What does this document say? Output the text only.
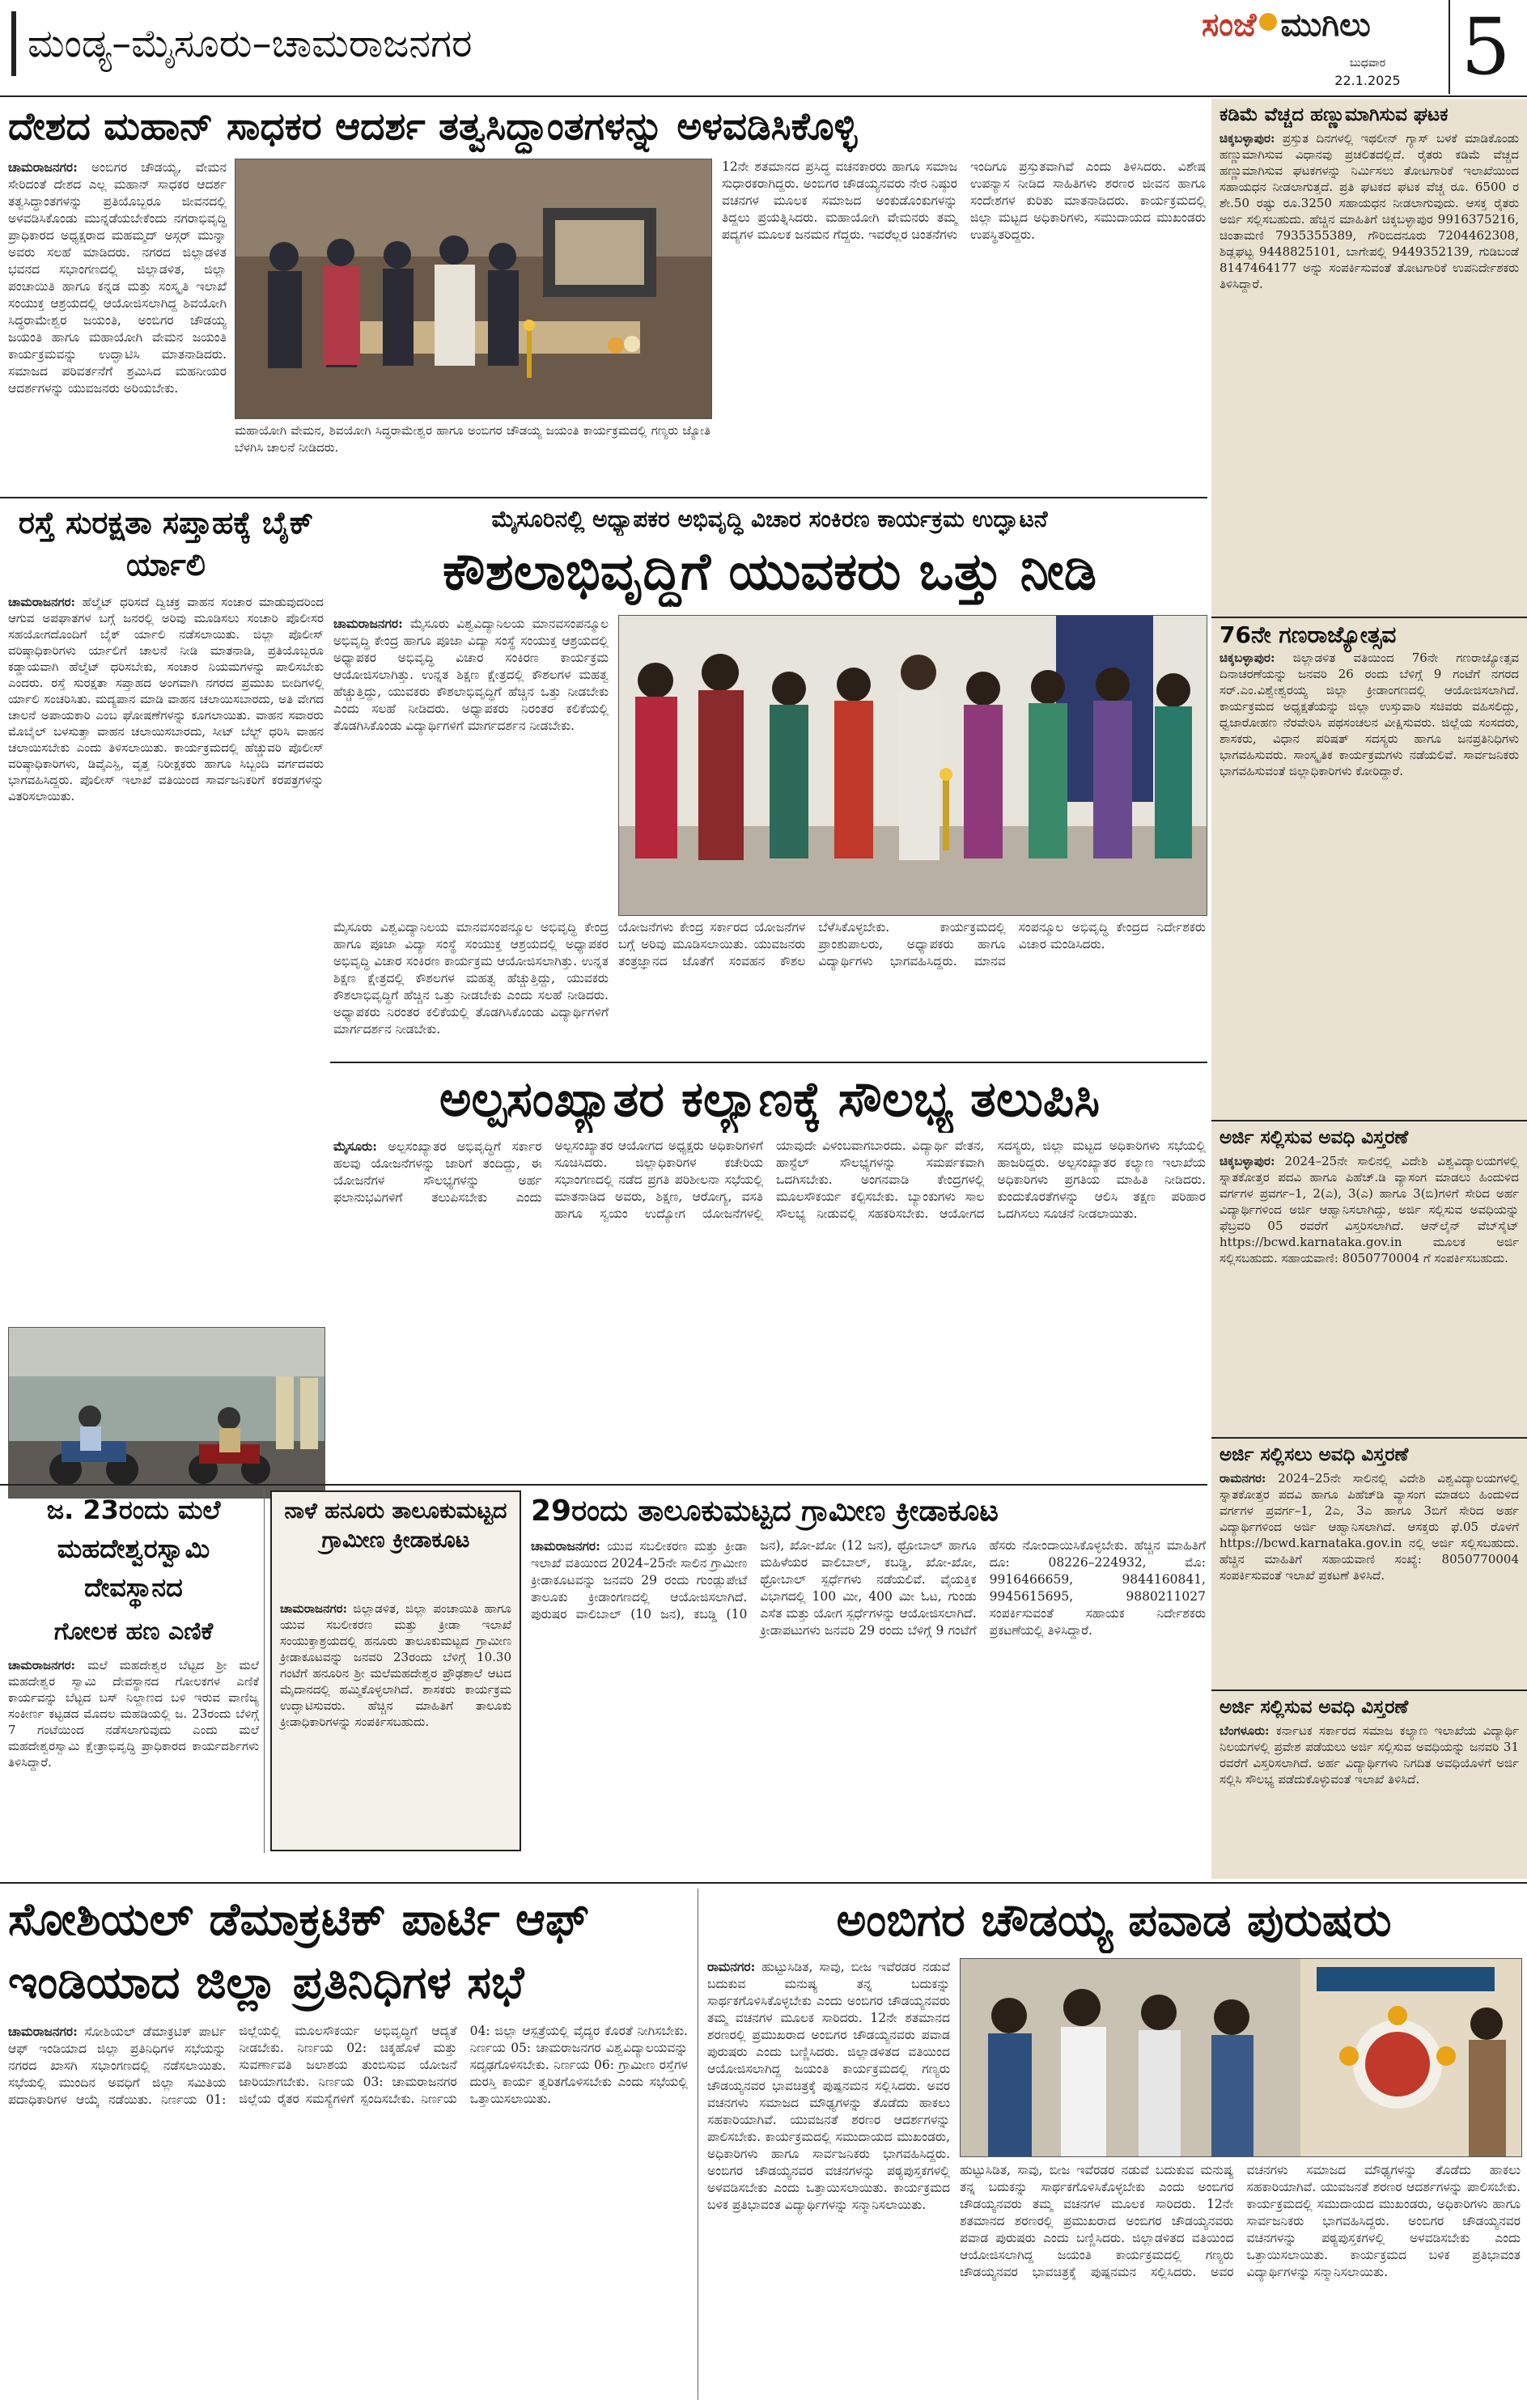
ಮಂಡ್ಯ–ಮೈಸೂರು–ಚಾಮರಾಜನಗರ	ಸಂಜೆ ಮುಗಿಲು
ಬುಧವಾರ
22.1.2025 5
ಕಡಿಮೆ ವೆಚ್ಚದ ಹಣ್ಣುಮಾಗಿಸುವ ಘಟಕ
ಚಿಕ್ಕಬಳ್ಳಾಪುರ: ಪ್ರಸ್ತುತ ದಿನಗಳಲ್ಲಿ ಇಥಲೀನ್ ಗ್ಯಾಸ್ ಬಳಕೆ ಮಾಡಿಕೊಂಡು ಹಣ್ಣುಮಾಗಿಸುವ ವಿಧಾನವು ಪ್ರಚಲಿತದಲ್ಲಿದೆ. ರೈತರು ಕಡಿಮೆ ವೆಚ್ಚದ ಹಣ್ಣುಮಾಗಿಸುವ ಘಟಕಗಳನ್ನು ನಿರ್ಮಿಸಲು ತೋಟಗಾರಿಕೆ ಇಲಾಖೆಯಿಂದ ಸಹಾಯಧನ ನೀಡಲಾಗುತ್ತದೆ. ಪ್ರತಿ ಘಟಕದ ಘಟಕ ವೆಚ್ಚ ರೂ. 6500 ರ ಶೇ.50 ರಷ್ಟು ರೂ.3250 ಸಹಾಯಧನ ನೀಡಲಾಗುವುದು. ಆಸಕ್ತ ರೈತರು ಅರ್ಜಿ ಸಲ್ಲಿಸಬಹುದು. ಹೆಚ್ಚಿನ ಮಾಹಿತಿಗೆ ಚಿಕ್ಕಬಳ್ಳಾಪುರ 9916375216, ಚಿಂತಾಮಣಿ 7935355389, ಗೌರಿಬಿದನೂರು 7204462308, ಶಿಡ್ಲಘಟ್ಟ 9448825101, ಬಾಗೇಪಲ್ಲಿ 9449352139, ಗುಡಿಬಂಡೆ 8147464177 ಅನ್ನು ಸಂಪರ್ಕಿಸುವಂತೆ ತೋಟಗಾರಿಕೆ ಉಪನಿರ್ದೇಶಕರು ತಿಳಿಸಿದ್ದಾರೆ.
76ನೇ ಗಣರಾಜ್ಯೋತ್ಸವ
ಚಿಕ್ಕಬಳ್ಳಾಪುರ: ಜಿಲ್ಲಾಡಳಿತ ವತಿಯಿಂದ 76ನೇ ಗಣರಾಜ್ಯೋತ್ಸವ ದಿನಾಚರಣೆಯನ್ನು ಜನವರಿ 26 ರಂದು ಬೆಳಿಗ್ಗೆ 9 ಗಂಟೆಗೆ ನಗರದ ಸರ್.ಎಂ.ವಿಶ್ವೇಶ್ವರಯ್ಯ ಜಿಲ್ಲಾ ಕ್ರೀಡಾಂಗಣದಲ್ಲಿ ಆಯೋಜಿಸಲಾಗಿದೆ. ಕಾರ್ಯಕ್ರಮದ ಅಧ್ಯಕ್ಷತೆಯನ್ನು ಜಿಲ್ಲಾ ಉಸ್ತುವಾರಿ ಸಚಿವರು ವಹಿಸಲಿದ್ದು, ಧ್ವಜಾರೋಹಣ ನೆರವೇರಿಸಿ ಪಥಸಂಚಲನ ವೀಕ್ಷಿಸುವರು. ಜಿಲ್ಲೆಯ ಸಂಸದರು, ಶಾಸಕರು, ವಿಧಾನ ಪರಿಷತ್ ಸದಸ್ಯರು ಹಾಗೂ ಜನಪ್ರತಿನಿಧಿಗಳು ಭಾಗವಹಿಸುವರು. ಸಾಂಸ್ಕೃತಿಕ ಕಾರ್ಯಕ್ರಮಗಳು ನಡೆಯಲಿವೆ. ಸಾರ್ವಜನಿಕರು ಭಾಗವಹಿಸುವಂತೆ ಜಿಲ್ಲಾಧಿಕಾರಿಗಳು ಕೋರಿದ್ದಾರೆ.
ಅರ್ಜಿ ಸಲ್ಲಿಸುವ ಅವಧಿ ವಿಸ್ತರಣೆ
ಚಿಕ್ಕಬಳ್ಳಾಪುರ: 2024–25ನೇ ಸಾಲಿನಲ್ಲಿ ವಿದೇಶಿ ವಿಶ್ವವಿದ್ಯಾಲಯಗಳಲ್ಲಿ ಸ್ನಾತಕೋತ್ತರ ಪದವಿ ಹಾಗೂ ಪಿಹೆಚ್.ಡಿ ವ್ಯಾಸಂಗ ಮಾಡಲು ಹಿಂದುಳಿದ ವರ್ಗಗಳ ಪ್ರವರ್ಗ–1, 2(ಎ), 3(ಎ) ಹಾಗೂ 3(ಬಿ)ಗಳಿಗೆ ಸೇರಿದ ಅರ್ಹ ವಿದ್ಯಾರ್ಥಿಗಳಿಂದ ಅರ್ಜಿ ಆಹ್ವಾನಿಸಲಾಗಿದ್ದು, ಅರ್ಜಿ ಸಲ್ಲಿಸುವ ಅವಧಿಯನ್ನು ಫೆಬ್ರವರಿ 05 ರವರೆಗೆ ವಿಸ್ತರಿಸಲಾಗಿದೆ. ಆನ್‌ಲೈನ್ ವೆಬ್‌ಸೈಟ್ https://bcwd.karnataka.gov.in ಮೂಲಕ ಅರ್ಜಿ ಸಲ್ಲಿಸಬಹುದು. ಸಹಾಯವಾಣಿ: 8050770004 ಗೆ ಸಂಪರ್ಕಿಸಬಹುದು.
ಅರ್ಜಿ ಸಲ್ಲಿಸಲು ಅವಧಿ ವಿಸ್ತರಣೆ
ರಾಮನಗರ: 2024–25ನೇ ಸಾಲಿನಲ್ಲಿ ವಿದೇಶಿ ವಿಶ್ವವಿದ್ಯಾಲಯಗಳಲ್ಲಿ ಸ್ನಾತಕೋತ್ತರ ಪದವಿ ಹಾಗೂ ಪಿಹೆಚ್‌ಡಿ ವ್ಯಾಸಂಗ ಮಾಡಲು ಹಿಂದುಳಿದ ವರ್ಗಗಳ ಪ್ರವರ್ಗ–1, 2ಎ, 3ಎ ಹಾಗೂ 3ಬಿಗೆ ಸೇರಿದ ಅರ್ಹ ವಿದ್ಯಾರ್ಥಿಗಳಿಂದ ಅರ್ಜಿ ಆಹ್ವಾನಿಸಲಾಗಿದೆ. ಆಸಕ್ತರು ಫೆ.05 ರೊಳಗೆ https://bcwd.karnataka.gov.in ನಲ್ಲಿ ಅರ್ಜಿ ಸಲ್ಲಿಸಬಹುದು. ಹೆಚ್ಚಿನ ಮಾಹಿತಿಗೆ ಸಹಾಯವಾಣಿ ಸಂಖ್ಯೆ: 8050770004 ಸಂಪರ್ಕಿಸುವಂತೆ ಇಲಾಖೆ ಪ್ರಕಟಣೆ ತಿಳಿಸಿದೆ.
ಅರ್ಜಿ ಸಲ್ಲಿಸುವ ಅವಧಿ ವಿಸ್ತರಣೆ
ಬೆಂಗಳೂರು: ಕರ್ನಾಟಕ ಸರ್ಕಾರದ ಸಮಾಜ ಕಲ್ಯಾಣ ಇಲಾಖೆಯ ವಿದ್ಯಾರ್ಥಿ ನಿಲಯಗಳಲ್ಲಿ ಪ್ರವೇಶ ಪಡೆಯಲು ಅರ್ಜಿ ಸಲ್ಲಿಸುವ ಅವಧಿಯನ್ನು ಜನವರಿ 31 ರವರೆಗೆ ವಿಸ್ತರಿಸಲಾಗಿದೆ. ಅರ್ಹ ವಿದ್ಯಾರ್ಥಿಗಳು ನಿಗದಿತ ಅವಧಿಯೊಳಗೆ ಅರ್ಜಿ ಸಲ್ಲಿಸಿ ಸೌಲಭ್ಯ ಪಡೆದುಕೊಳ್ಳುವಂತೆ ಇಲಾಖೆ ತಿಳಿಸಿದೆ.
ದೇಶದ ಮಹಾನ್ ಸಾಧಕರ ಆದರ್ಶ ತತ್ವಸಿದ್ಧಾಂತಗಳನ್ನು ಅಳವಡಿಸಿಕೊಳ್ಳಿ
ಚಾಮರಾಜನಗರ: ಅಂಬಿಗರ ಚೌಡಯ್ಯ, ವೇಮನ ಸೇರಿದಂತೆ ದೇಶದ ಎಲ್ಲ ಮಹಾನ್ ಸಾಧಕರ ಆದರ್ಶ ತತ್ವಸಿದ್ಧಾಂತಗಳನ್ನು ಪ್ರತಿಯೊಬ್ಬರೂ ಜೀವನದಲ್ಲಿ ಅಳವಡಿಸಿಕೊಂಡು ಮುನ್ನಡೆಯಬೇಕೆಂದು ನಗರಾಭಿವೃದ್ಧಿ ಪ್ರಾಧಿಕಾರದ ಅಧ್ಯಕ್ಷರಾದ ಮಹಮ್ಮದ್ ಅಸ್ಗರ್ ಮುನ್ನಾ ಅವರು ಸಲಹೆ ಮಾಡಿದರು. ನಗರದ ಜಿಲ್ಲಾಡಳಿತ ಭವನದ ಸಭಾಂಗಣದಲ್ಲಿ ಜಿಲ್ಲಾಡಳಿತ, ಜಿಲ್ಲಾ ಪಂಚಾಯಿತಿ ಹಾಗೂ ಕನ್ನಡ ಮತ್ತು ಸಂಸ್ಕೃತಿ ಇಲಾಖೆ ಸಂಯುಕ್ತ ಆಶ್ರಯದಲ್ಲಿ ಆಯೋಜಿಸಲಾಗಿದ್ದ ಶಿವಯೋಗಿ ಸಿದ್ಧರಾಮೇಶ್ವರ ಜಯಂತಿ, ಅಂಬಿಗರ ಚೌಡಯ್ಯ ಜಯಂತಿ ಹಾಗೂ ಮಹಾಯೋಗಿ ವೇಮನ ಜಯಂತಿ ಕಾರ್ಯಕ್ರಮವನ್ನು ಉದ್ಘಾಟಿಸಿ ಮಾತನಾಡಿದರು. ಸಮಾಜದ ಪರಿವರ್ತನೆಗೆ ಶ್ರಮಿಸಿದ ಮಹನೀಯರ ಆದರ್ಶಗಳನ್ನು ಯುವಜನರು ಅರಿಯಬೇಕು.
ಮಹಾಯೋಗಿ ವೇಮನ, ಶಿವಯೋಗಿ ಸಿದ್ಧರಾಮೇಶ್ವರ ಹಾಗೂ ಅಂಬಿಗರ ಚೌಡಯ್ಯ ಜಯಂತಿ ಕಾರ್ಯಕ್ರಮದಲ್ಲಿ ಗಣ್ಯರು ಜ್ಯೋತಿ ಬೆಳಗಿಸಿ ಚಾಲನೆ ನೀಡಿದರು.
12ನೇ ಶತಮಾನದ ಪ್ರಸಿದ್ಧ ವಚನಕಾರರು ಹಾಗೂ ಸಮಾಜ ಸುಧಾರಕರಾಗಿದ್ದರು. ಅಂಬಿಗರ ಚೌಡಯ್ಯನವರು ನೇರ ನಿಷ್ಠುರ ವಚನಗಳ ಮೂಲಕ ಸಮಾಜದ ಅಂಕುಡೊಂಕುಗಳನ್ನು ತಿದ್ದಲು ಪ್ರಯತ್ನಿಸಿದರು. ಮಹಾಯೋಗಿ ವೇಮನರು ತಮ್ಮ ಪದ್ಯಗಳ ಮೂಲಕ ಜನಮನ ಗೆದ್ದರು. ಇವರೆಲ್ಲರ ಚಿಂತನೆಗಳು ಇಂದಿಗೂ ಪ್ರಸ್ತುತವಾಗಿವೆ ಎಂದು ತಿಳಿಸಿದರು. ವಿಶೇಷ ಉಪನ್ಯಾಸ ನೀಡಿದ ಸಾಹಿತಿಗಳು ಶರಣರ ಜೀವನ ಹಾಗೂ ಸಂದೇಶಗಳ ಕುರಿತು ಮಾತನಾಡಿದರು. ಕಾರ್ಯಕ್ರಮದಲ್ಲಿ ಜಿಲ್ಲಾ ಮಟ್ಟದ ಅಧಿಕಾರಿಗಳು, ಸಮುದಾಯದ ಮುಖಂಡರು ಉಪಸ್ಥಿತರಿದ್ದರು.
ರಸ್ತೆ ಸುರಕ್ಷತಾ ಸಪ್ತಾಹಕ್ಕೆ ಬೈಕ್ ರ್ಯಾಲಿ
ಚಾಮರಾಜನಗರ: ಹೆಲ್ಮೆಟ್ ಧರಿಸದೆ ದ್ವಿಚಕ್ರ ವಾಹನ ಸಂಚಾರ ಮಾಡುವುದರಿಂದ ಆಗುವ ಅಪಘಾತಗಳ ಬಗ್ಗೆ ಜನರಲ್ಲಿ ಅರಿವು ಮೂಡಿಸಲು ಸಂಚಾರಿ ಪೊಲೀಸರ ಸಹಯೋಗದೊಂದಿಗೆ ಬೈಕ್ ರ್ಯಾಲಿ ನಡೆಸಲಾಯಿತು. ಜಿಲ್ಲಾ ಪೊಲೀಸ್ ವರಿಷ್ಠಾಧಿಕಾರಿಗಳು ರ್ಯಾಲಿಗೆ ಚಾಲನೆ ನೀಡಿ ಮಾತನಾಡಿ, ಪ್ರತಿಯೊಬ್ಬರೂ ಕಡ್ಡಾಯವಾಗಿ ಹೆಲ್ಮೆಟ್ ಧರಿಸಬೇಕು, ಸಂಚಾರ ನಿಯಮಗಳನ್ನು ಪಾಲಿಸಬೇಕು ಎಂದರು. ರಸ್ತೆ ಸುರಕ್ಷತಾ ಸಪ್ತಾಹದ ಅಂಗವಾಗಿ ನಗರದ ಪ್ರಮುಖ ಬೀದಿಗಳಲ್ಲಿ ರ್ಯಾಲಿ ಸಂಚರಿಸಿತು. ಮದ್ಯಪಾನ ಮಾಡಿ ವಾಹನ ಚಲಾಯಿಸಬಾರದು, ಅತಿ ವೇಗದ ಚಾಲನೆ ಅಪಾಯಕಾರಿ ಎಂಬ ಘೋಷಣೆಗಳನ್ನು ಕೂಗಲಾಯಿತು. ವಾಹನ ಸವಾರರು ಮೊಬೈಲ್ ಬಳಸುತ್ತಾ ವಾಹನ ಚಲಾಯಿಸಬಾರದು, ಸೀಟ್ ಬೆಲ್ಟ್ ಧರಿಸಿ ವಾಹನ ಚಲಾಯಿಸಬೇಕು ಎಂದು ತಿಳಿಸಲಾಯಿತು. ಕಾರ್ಯಕ್ರಮದಲ್ಲಿ ಹೆಚ್ಚುವರಿ ಪೊಲೀಸ್ ವರಿಷ್ಠಾಧಿಕಾರಿಗಳು, ಡಿವೈಎಸ್ಪಿ, ವೃತ್ತ ನಿರೀಕ್ಷಕರು ಹಾಗೂ ಸಿಬ್ಬಂದಿ ವರ್ಗದವರು ಭಾಗವಹಿಸಿದ್ದರು. ಪೊಲೀಸ್ ಇಲಾಖೆ ವತಿಯಿಂದ ಸಾರ್ವಜನಿಕರಿಗೆ ಕರಪತ್ರಗಳನ್ನು ವಿತರಿಸಲಾಯಿತು.
ಮೈಸೂರಿನಲ್ಲಿ ಅಧ್ಯಾಪಕರ ಅಭಿವೃದ್ಧಿ ವಿಚಾರ ಸಂಕಿರಣ ಕಾರ್ಯಕ್ರಮ ಉದ್ಘಾಟನೆ
ಕೌಶಲಾಭಿವೃದ್ಧಿಗೆ ಯುವಕರು ಒತ್ತು ನೀಡಿ
ಚಾಮರಾಜನಗರ: ಮೈಸೂರು ವಿಶ್ವವಿದ್ಯಾನಿಲಯ ಮಾನವಸಂಪನ್ಮೂಲ ಅಭಿವೃದ್ಧಿ ಕೇಂದ್ರ ಹಾಗೂ ಪೂಜಾ ವಿದ್ಯಾ ಸಂಸ್ಥೆ ಸಂಯುಕ್ತ ಆಶ್ರಯದಲ್ಲಿ ಅಧ್ಯಾಪಕರ ಅಭಿವೃದ್ಧಿ ವಿಚಾರ ಸಂಕಿರಣ ಕಾರ್ಯಕ್ರಮ ಆಯೋಜಿಸಲಾಗಿತ್ತು. ಉನ್ನತ ಶಿಕ್ಷಣ ಕ್ಷೇತ್ರದಲ್ಲಿ ಕೌಶಲಗಳ ಮಹತ್ವ ಹೆಚ್ಚುತ್ತಿದ್ದು, ಯುವಕರು ಕೌಶಲಾಭಿವೃದ್ಧಿಗೆ ಹೆಚ್ಚಿನ ಒತ್ತು ನೀಡಬೇಕು ಎಂದು ಸಲಹೆ ನೀಡಿದರು. ಅಧ್ಯಾಪಕರು ನಿರಂತರ ಕಲಿಕೆಯಲ್ಲಿ ತೊಡಗಿಸಿಕೊಂಡು ವಿದ್ಯಾರ್ಥಿಗಳಿಗೆ ಮಾರ್ಗದರ್ಶನ ನೀಡಬೇಕು.
ಯೋಜನೆಗಳು ಕೇಂದ್ರ ಸರ್ಕಾರದ ಯೋಜನೆಗಳ ಬಗ್ಗೆ ಅರಿವು ಮೂಡಿಸಲಾಯಿತು. ಯುವಜನರು ತಂತ್ರಜ್ಞಾನದ ಜೊತೆಗೆ ಸಂವಹನ ಕೌಶಲ ಬೆಳೆಸಿಕೊಳ್ಳಬೇಕು. ಕಾರ್ಯಕ್ರಮದಲ್ಲಿ ಪ್ರಾಂಶುಪಾಲರು, ಅಧ್ಯಾಪಕರು ಹಾಗೂ ವಿದ್ಯಾರ್ಥಿಗಳು ಭಾಗವಹಿಸಿದ್ದರು. ಮಾನವ ಸಂಪನ್ಮೂಲ ಅಭಿವೃದ್ಧಿ ಕೇಂದ್ರದ ನಿರ್ದೇಶಕರು ವಿಚಾರ ಮಂಡಿಸಿದರು.
ಮೈಸೂರು ವಿಶ್ವವಿದ್ಯಾನಿಲಯ ಮಾನವಸಂಪನ್ಮೂಲ ಅಭಿವೃದ್ಧಿ ಕೇಂದ್ರ ಹಾಗೂ ಪೂಜಾ ವಿದ್ಯಾ ಸಂಸ್ಥೆ ಸಂಯುಕ್ತ ಆಶ್ರಯದಲ್ಲಿ ಅಧ್ಯಾಪಕರ ಅಭಿವೃದ್ಧಿ ವಿಚಾರ ಸಂಕಿರಣ ಕಾರ್ಯಕ್ರಮ ಆಯೋಜಿಸಲಾಗಿತ್ತು. ಉನ್ನತ ಶಿಕ್ಷಣ ಕ್ಷೇತ್ರದಲ್ಲಿ ಕೌಶಲಗಳ ಮಹತ್ವ ಹೆಚ್ಚುತ್ತಿದ್ದು, ಯುವಕರು ಕೌಶಲಾಭಿವೃದ್ಧಿಗೆ ಹೆಚ್ಚಿನ ಒತ್ತು ನೀಡಬೇಕು ಎಂದು ಸಲಹೆ ನೀಡಿದರು. ಅಧ್ಯಾಪಕರು ನಿರಂತರ ಕಲಿಕೆಯಲ್ಲಿ ತೊಡಗಿಸಿಕೊಂಡು ವಿದ್ಯಾರ್ಥಿಗಳಿಗೆ ಮಾರ್ಗದರ್ಶನ ನೀಡಬೇಕು.
ಅಲ್ಪಸಂಖ್ಯಾತರ ಕಲ್ಯಾಣಕ್ಕೆ ಸೌಲಭ್ಯ ತಲುಪಿಸಿ
ಮೈಸೂರು: ಅಲ್ಪಸಂಖ್ಯಾತರ ಅಭಿವೃದ್ಧಿಗೆ ಸರ್ಕಾರ ಹಲವು ಯೋಜನೆಗಳನ್ನು ಜಾರಿಗೆ ತಂದಿದ್ದು, ಈ ಯೋಜನೆಗಳ ಸೌಲಭ್ಯಗಳನ್ನು ಅರ್ಹ ಫಲಾನುಭವಿಗಳಿಗೆ ತಲುಪಿಸಬೇಕು ಎಂದು ಅಲ್ಪಸಂಖ್ಯಾತರ ಆಯೋಗದ ಅಧ್ಯಕ್ಷರು ಅಧಿಕಾರಿಗಳಿಗೆ ಸೂಚಿಸಿದರು. ಜಿಲ್ಲಾಧಿಕಾರಿಗಳ ಕಚೇರಿಯ ಸಭಾಂಗಣದಲ್ಲಿ ನಡೆದ ಪ್ರಗತಿ ಪರಿಶೀಲನಾ ಸಭೆಯಲ್ಲಿ ಮಾತನಾಡಿದ ಅವರು, ಶಿಕ್ಷಣ, ಆರೋಗ್ಯ, ವಸತಿ ಹಾಗೂ ಸ್ವಯಂ ಉದ್ಯೋಗ ಯೋಜನೆಗಳಲ್ಲಿ ಯಾವುದೇ ವಿಳಂಬವಾಗಬಾರದು. ವಿದ್ಯಾರ್ಥಿ ವೇತನ, ಹಾಸ್ಟೆಲ್ ಸೌಲಭ್ಯಗಳನ್ನು ಸಮರ್ಪಕವಾಗಿ ಒದಗಿಸಬೇಕು. ಅಂಗನವಾಡಿ ಕೇಂದ್ರಗಳಲ್ಲಿ ಮೂಲಸೌಕರ್ಯ ಕಲ್ಪಿಸಬೇಕು. ಬ್ಯಾಂಕುಗಳು ಸಾಲ ಸೌಲಭ್ಯ ನೀಡುವಲ್ಲಿ ಸಹಕರಿಸಬೇಕು. ಆಯೋಗದ ಸದಸ್ಯರು, ಜಿಲ್ಲಾ ಮಟ್ಟದ ಅಧಿಕಾರಿಗಳು ಸಭೆಯಲ್ಲಿ ಹಾಜರಿದ್ದರು. ಅಲ್ಪಸಂಖ್ಯಾತರ ಕಲ್ಯಾಣ ಇಲಾಖೆಯ ಅಧಿಕಾರಿಗಳು ಪ್ರಗತಿಯ ಮಾಹಿತಿ ನೀಡಿದರು. ಕುಂದುಕೊರತೆಗಳನ್ನು ಆಲಿಸಿ ತಕ್ಷಣ ಪರಿಹಾರ ಒದಗಿಸಲು ಸೂಚನೆ ನೀಡಲಾಯಿತು.
ಜ. 23ರಂದು ಮಲೆ ಮಹದೇಶ್ವರಸ್ವಾಮಿ ದೇವಸ್ಥಾನದ
ಗೋಲಕ ಹಣ ಎಣಿಕೆ
ಚಾಮರಾಜನಗರ: ಮಲೆ ಮಹದೇಶ್ವರ ಬೆಟ್ಟದ ಶ್ರೀ ಮಲೆ ಮಹದೇಶ್ವರ ಸ್ವಾಮಿ ದೇವಸ್ಥಾನದ ಗೋಲಕಗಳ ಎಣಿಕೆ ಕಾರ್ಯವನ್ನು ಬೆಟ್ಟದ ಬಸ್ ನಿಲ್ದಾಣದ ಬಳಿ ಇರುವ ವಾಣಿಜ್ಯ ಸಂಕೀರ್ಣ ಕಟ್ಟಡದ ಮೊದಲ ಮಹಡಿಯಲ್ಲಿ ಜ. 23ರಂದು ಬೆಳಿಗ್ಗೆ 7 ಗಂಟೆಯಿಂದ ನಡೆಸಲಾಗುವುದು ಎಂದು ಮಲೆ ಮಹದೇಶ್ವರಸ್ವಾಮಿ ಕ್ಷೇತ್ರಾಭಿವೃದ್ಧಿ ಪ್ರಾಧಿಕಾರದ ಕಾರ್ಯದರ್ಶಿಗಳು ತಿಳಿಸಿದ್ದಾರೆ.
ನಾಳೆ ಹನೂರು ತಾಲೂಕುಮಟ್ಟದ ಗ್ರಾಮೀಣ ಕ್ರೀಡಾಕೂಟ
ಚಾಮರಾಜನಗರ: ಜಿಲ್ಲಾಡಳಿತ, ಜಿಲ್ಲಾ ಪಂಚಾಯಿತಿ ಹಾಗೂ ಯುವ ಸಬಲೀಕರಣ ಮತ್ತು ಕ್ರೀಡಾ ಇಲಾಖೆ ಸಂಯುಕ್ತಾಶ್ರಯದಲ್ಲಿ ಹನೂರು ತಾಲೂಕುಮಟ್ಟದ ಗ್ರಾಮೀಣ ಕ್ರೀಡಾಕೂಟವನ್ನು ಜನವರಿ 23ರಂದು ಬೆಳಿಗ್ಗೆ 10.30 ಗಂಟೆಗೆ ಹನೂರಿನ ಶ್ರೀ ಮಲೆಮಹದೇಶ್ವರ ಪ್ರೌಢಶಾಲೆ ಆಟದ ಮೈದಾನದಲ್ಲಿ ಹಮ್ಮಿಕೊಳ್ಳಲಾಗಿದೆ. ಶಾಸಕರು ಕಾರ್ಯಕ್ರಮ ಉದ್ಘಾಟಿಸುವರು. ಹೆಚ್ಚಿನ ಮಾಹಿತಿಗೆ ತಾಲೂಕು ಕ್ರೀಡಾಧಿಕಾರಿಗಳನ್ನು ಸಂಪರ್ಕಿಸಬಹುದು.
29ರಂದು ತಾಲೂಕುಮಟ್ಟದ ಗ್ರಾಮೀಣ ಕ್ರೀಡಾಕೂಟ
ಚಾಮರಾಜನಗರ: ಯುವ ಸಬಲೀಕರಣ ಮತ್ತು ಕ್ರೀಡಾ ಇಲಾಖೆ ವತಿಯಿಂದ 2024–25ನೇ ಸಾಲಿನ ಗ್ರಾಮೀಣ ಕ್ರೀಡಾಕೂಟವನ್ನು ಜನವರಿ 29 ರಂದು ಗುಂಡ್ಲುಪೇಟೆ ತಾಲೂಕು ಕ್ರೀಡಾಂಗಣದಲ್ಲಿ ಆಯೋಜಿಸಲಾಗಿದೆ. ಪುರುಷರ ವಾಲಿಬಾಲ್ (10 ಜನ), ಕಬಡ್ಡಿ (10 ಜನ), ಖೋ-ಖೋ (12 ಜನ), ಥ್ರೋಬಾಲ್ ಹಾಗೂ ಮಹಿಳೆಯರ ವಾಲಿಬಾಲ್, ಕಬಡ್ಡಿ, ಖೋ-ಖೋ, ಥ್ರೋಬಾಲ್ ಸ್ಪರ್ಧೆಗಳು ನಡೆಯಲಿವೆ. ವೈಯಕ್ತಿಕ ವಿಭಾಗದಲ್ಲಿ 100 ಮೀ, 400 ಮೀ ಓಟ, ಗುಂಡು ಎಸೆತ ಮತ್ತು ಯೋಗ ಸ್ಪರ್ಧೆಗಳನ್ನು ಆಯೋಜಿಸಲಾಗಿದೆ. ಕ್ರೀಡಾಪಟುಗಳು ಜನವರಿ 29 ರಂದು ಬೆಳಿಗ್ಗೆ 9 ಗಂಟೆಗೆ ಹೆಸರು ನೋಂದಾಯಿಸಿಕೊಳ್ಳಬೇಕು. ಹೆಚ್ಚಿನ ಮಾಹಿತಿಗೆ ದೂ: 08226–224932, ಮೊ: 9916466659, 9844160841, 9945615695, 9880211027 ಸಂಪರ್ಕಿಸುವಂತೆ ಸಹಾಯಕ ನಿರ್ದೇಶಕರು ಪ್ರಕಟಣೆಯಲ್ಲಿ ತಿಳಿಸಿದ್ದಾರೆ.
ಸೋಶಿಯಲ್ ಡೆಮಾಕ್ರಟಿಕ್ ಪಾರ್ಟಿ ಆಫ್ ಇಂಡಿಯಾದ ಜಿಲ್ಲಾ ಪ್ರತಿನಿಧಿಗಳ ಸಭೆ
ಚಾಮರಾಜನಗರ: ಸೋಶಿಯಲ್ ಡೆಮಾಕ್ರಟಿಕ್ ಪಾರ್ಟಿ ಆಫ್ ಇಂಡಿಯಾದ ಜಿಲ್ಲಾ ಪ್ರತಿನಿಧಿಗಳ ಸಭೆಯನ್ನು ನಗರದ ಖಾಸಗಿ ಸಭಾಂಗಣದಲ್ಲಿ ನಡೆಸಲಾಯಿತು. ಸಭೆಯಲ್ಲಿ ಮುಂದಿನ ಅವಧಿಗೆ ಜಿಲ್ಲಾ ಸಮಿತಿಯ ಪದಾಧಿಕಾರಿಗಳ ಆಯ್ಕೆ ನಡೆಯಿತು. ನಿರ್ಣಯ 01: ಜಿಲ್ಲೆಯಲ್ಲಿ ಮೂಲಸೌಕರ್ಯ ಅಭಿವೃದ್ಧಿಗೆ ಆದ್ಯತೆ ನೀಡಬೇಕು. ನಿರ್ಣಯ 02: ಚಿಕ್ಕಹೊಳೆ ಮತ್ತು ಸುವರ್ಣಾವತಿ ಜಲಾಶಯ ತುಂಬಿಸುವ ಯೋಜನೆ ಜಾರಿಯಾಗಬೇಕು. ನಿರ್ಣಯ 03: ಚಾಮರಾಜನಗರ ಜಿಲ್ಲೆಯ ರೈತರ ಸಮಸ್ಯೆಗಳಿಗೆ ಸ್ಪಂದಿಸಬೇಕು. ನಿರ್ಣಯ 04: ಜಿಲ್ಲಾ ಆಸ್ಪತ್ರೆಯಲ್ಲಿ ವೈದ್ಯರ ಕೊರತೆ ನೀಗಿಸಬೇಕು. ನಿರ್ಣಯ 05: ಚಾಮರಾಜನಗರ ವಿಶ್ವವಿದ್ಯಾಲಯವನ್ನು ಸದೃಢಗೊಳಿಸಬೇಕು. ನಿರ್ಣಯ 06: ಗ್ರಾಮೀಣ ರಸ್ತೆಗಳ ದುರಸ್ತಿ ಕಾರ್ಯ ತ್ವರಿತಗೊಳಿಸಬೇಕು ಎಂದು ಸಭೆಯಲ್ಲಿ ಒತ್ತಾಯಿಸಲಾಯಿತು.
ಅಂಬಿಗರ ಚೌಡಯ್ಯ ಪವಾಡ ಪುರುಷರು
ರಾಮನಗರ: ಹುಟ್ಟುಸಿಡಿತ, ಸಾವು, ಬೀಜ ಇವೆರಡರ ನಡುವೆ ಬದುಕುವ ಮನುಷ್ಯ ತನ್ನ ಬದುಕನ್ನು ಸಾರ್ಥಕಗೊಳಿಸಿಕೊಳ್ಳಬೇಕು ಎಂದು ಅಂಬಿಗರ ಚೌಡಯ್ಯನವರು ತಮ್ಮ ವಚನಗಳ ಮೂಲಕ ಸಾರಿದರು. 12ನೇ ಶತಮಾನದ ಶರಣರಲ್ಲಿ ಪ್ರಮುಖರಾದ ಅಂಬಿಗರ ಚೌಡಯ್ಯನವರು ಪವಾಡ ಪುರುಷರು ಎಂದು ಬಣ್ಣಿಸಿದರು. ಜಿಲ್ಲಾಡಳಿತದ ವತಿಯಿಂದ ಆಯೋಜಿಸಲಾಗಿದ್ದ ಜಯಂತಿ ಕಾರ್ಯಕ್ರಮದಲ್ಲಿ ಗಣ್ಯರು ಚೌಡಯ್ಯನವರ ಭಾವಚಿತ್ರಕ್ಕೆ ಪುಷ್ಪನಮನ ಸಲ್ಲಿಸಿದರು. ಅವರ ವಚನಗಳು ಸಮಾಜದ ಮೌಢ್ಯಗಳನ್ನು ತೊಡೆದು ಹಾಕಲು ಸಹಕಾರಿಯಾಗಿವೆ. ಯುವಜನತೆ ಶರಣರ ಆದರ್ಶಗಳನ್ನು ಪಾಲಿಸಬೇಕು. ಕಾರ್ಯಕ್ರಮದಲ್ಲಿ ಸಮುದಾಯದ ಮುಖಂಡರು, ಅಧಿಕಾರಿಗಳು ಹಾಗೂ ಸಾರ್ವಜನಿಕರು ಭಾಗವಹಿಸಿದ್ದರು. ಅಂಬಿಗರ ಚೌಡಯ್ಯನವರ ವಚನಗಳನ್ನು ಪಠ್ಯಪುಸ್ತಕಗಳಲ್ಲಿ ಅಳವಡಿಸಬೇಕು ಎಂದು ಒತ್ತಾಯಿಸಲಾಯಿತು. ಕಾರ್ಯಕ್ರಮದ ಬಳಿಕ ಪ್ರತಿಭಾವಂತ ವಿದ್ಯಾರ್ಥಿಗಳನ್ನು ಸನ್ಮಾನಿಸಲಾಯಿತು.
ಹುಟ್ಟುಸಿಡಿತ, ಸಾವು, ಬೀಜ ಇವೆರಡರ ನಡುವೆ ಬದುಕುವ ಮನುಷ್ಯ ತನ್ನ ಬದುಕನ್ನು ಸಾರ್ಥಕಗೊಳಿಸಿಕೊಳ್ಳಬೇಕು ಎಂದು ಅಂಬಿಗರ ಚೌಡಯ್ಯನವರು ತಮ್ಮ ವಚನಗಳ ಮೂಲಕ ಸಾರಿದರು. 12ನೇ ಶತಮಾನದ ಶರಣರಲ್ಲಿ ಪ್ರಮುಖರಾದ ಅಂಬಿಗರ ಚೌಡಯ್ಯನವರು ಪವಾಡ ಪುರುಷರು ಎಂದು ಬಣ್ಣಿಸಿದರು. ಜಿಲ್ಲಾಡಳಿತದ ವತಿಯಿಂದ ಆಯೋಜಿಸಲಾಗಿದ್ದ ಜಯಂತಿ ಕಾರ್ಯಕ್ರಮದಲ್ಲಿ ಗಣ್ಯರು ಚೌಡಯ್ಯನವರ ಭಾವಚಿತ್ರಕ್ಕೆ ಪುಷ್ಪನಮನ ಸಲ್ಲಿಸಿದರು. ಅವರ ವಚನಗಳು ಸಮಾಜದ ಮೌಢ್ಯಗಳನ್ನು ತೊಡೆದು ಹಾಕಲು ಸಹಕಾರಿಯಾಗಿವೆ. ಯುವಜನತೆ ಶರಣರ ಆದರ್ಶಗಳನ್ನು ಪಾಲಿಸಬೇಕು. ಕಾರ್ಯಕ್ರಮದಲ್ಲಿ ಸಮುದಾಯದ ಮುಖಂಡರು, ಅಧಿಕಾರಿಗಳು ಹಾಗೂ ಸಾರ್ವಜನಿಕರು ಭಾಗವಹಿಸಿದ್ದರು. ಅಂಬಿಗರ ಚೌಡಯ್ಯನವರ ವಚನಗಳನ್ನು ಪಠ್ಯಪುಸ್ತಕಗಳಲ್ಲಿ ಅಳವಡಿಸಬೇಕು ಎಂದು ಒತ್ತಾಯಿಸಲಾಯಿತು. ಕಾರ್ಯಕ್ರಮದ ಬಳಿಕ ಪ್ರತಿಭಾವಂತ ವಿದ್ಯಾರ್ಥಿಗಳನ್ನು ಸನ್ಮಾನಿಸಲಾಯಿತು.
